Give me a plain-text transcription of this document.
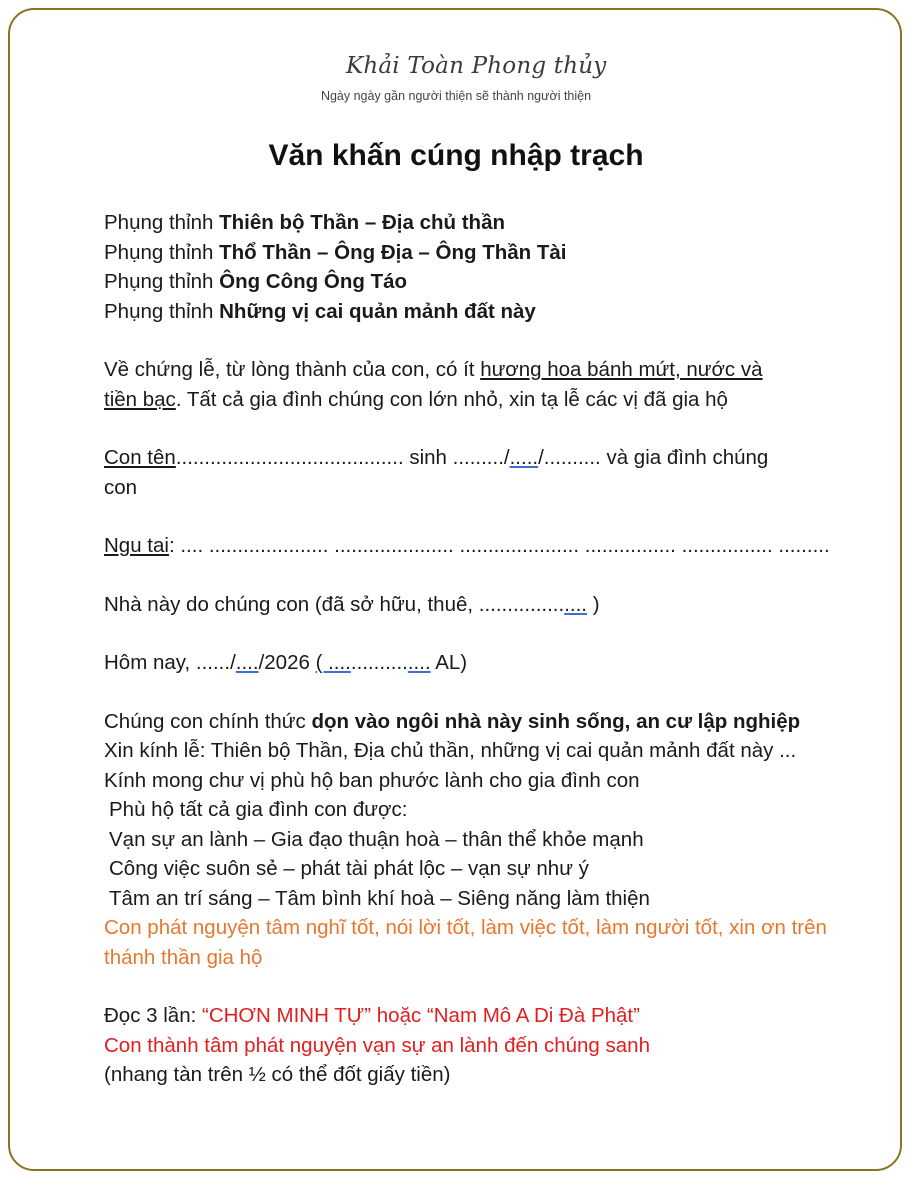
Khải Toàn Phong thủy
Ngày ngày gần người thiện sẽ thành người thiện
Văn khấn cúng nhập trạch
Phụng thỉnh Thiên bộ Thần – Địa chủ thần
Phụng thỉnh Thổ Thần – Ông Địa – Ông Thần Tài
Phụng thỉnh Ông Công Ông Táo
Phụng thỉnh Những vị cai quản mảnh đất này
Về chứng lễ, từ lòng thành của con, có ít hương hoa bánh mứt, nước và
tiền bạc. Tất cả gia đình chúng con lớn nhỏ, xin tạ lễ các vị đã gia hộ
Con tên........................................ sinh ........./...../.......... và gia đình chúng
con
Ngu tai: .... ..................... ..................... ..................... ................ ................ .........
Nhà này do chúng con (đã sở hữu, thuê, ................... )
Hôm nay, ....../..../2026 ( .................. AL)
Chúng con chính thức dọn vào ngôi nhà này sinh sống, an cư lập nghiệp
Xin kính lễ: Thiên bộ Thần, Địa chủ thần, những vị cai quản mảnh đất này ... Kính mong chư vị phù hộ ban phước lành cho gia đình con
Phù hộ tất cả gia đình con được:
Vạn sự an lành – Gia đạo thuận hoà – thân thể khỏe mạnh
Công việc suôn sẻ – phát tài phát lộc – vạn sự như ý
Tâm an trí sáng – Tâm bình khí hoà – Siêng năng làm thiện
Con phát nguyện tâm nghĩ tốt, nói lời tốt, làm việc tốt, làm người tốt, xin ơn trên thánh thần gia hộ
Đọc 3 lần: “CHƠN MINH TỰ” hoặc “Nam Mô A Di Đà Phật”
Con thành tâm phát nguyện vạn sự an lành đến chúng sanh
(nhang tàn trên ½ có thể đốt giấy tiền)
